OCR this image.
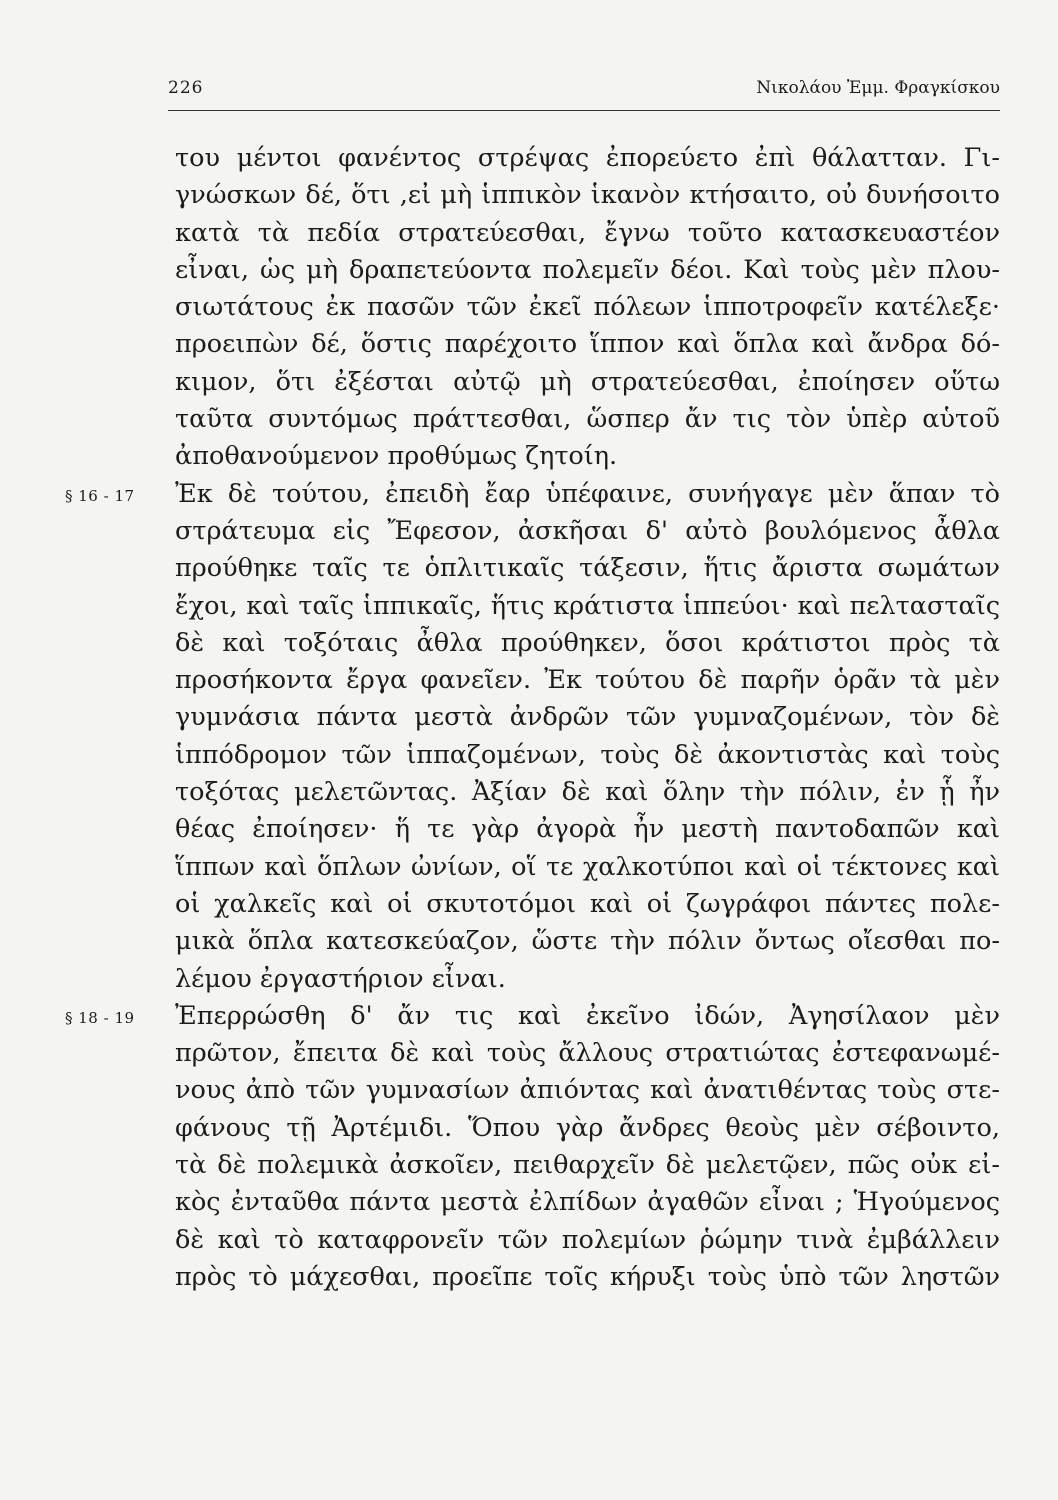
226	Νικολάου Ἐμμ. Φραγκίσκου
του μέντοι φανέντος στρέψας ἐπορεύετο ἐπὶ θάλατταν. Γι-
γνώσκων δέ, ὅτι ,εἰ μὴ ἱππικὸν ἱκανὸν κτήσαιτο, οὐ δυνήσοιτο
κατὰ τὰ πεδία στρατεύεσθαι, ἔγνω τοῦτο κατασκευαστέον
εἶναι, ὡς μὴ δραπετεύοντα πολεμεῖν δέοι. Καὶ τοὺς μὲν πλου-
σιωτάτους ἐκ πασῶν τῶν ἐκεῖ πόλεων ἱπποτροφεῖν κατέλεξε·
προειπὼν δέ, ὅστις παρέχοιτο ἵππον καὶ ὅπλα καὶ ἄνδρα δό-
κιμον, ὅτι ἐξέσται αὐτῷ μὴ στρατεύεσθαι, ἐποίησεν οὕτω
ταῦτα συντόμως πράττεσθαι, ὥσπερ ἄν τις τὸν ὑπὲρ αὑτοῦ
ἀποθανούμενον προθύμως ζητοίη.
§ 16 - 17 Ἐκ δὲ τούτου, ἐπειδὴ ἔαρ ὑπέφαινε, συνήγαγε μὲν ἅπαν τὸ
στράτευμα εἰς Ἔφεσον, ἀσκῆσαι δ' αὐτὸ βουλόμενος ἆθλα
προύθηκε ταῖς τε ὁπλιτικαῖς τάξεσιν, ἥτις ἄριστα σωμάτων
ἔχοι, καὶ ταῖς ἱππικαῖς, ἥτις κράτιστα ἱππεύοι· καὶ πελτασταῖς
δὲ καὶ τοξόταις ἆθλα προύθηκεν, ὅσοι κράτιστοι πρὸς τὰ
προσήκοντα ἔργα φανεῖεν. Ἐκ τούτου δὲ παρῆν ὁρᾶν τὰ μὲν
γυμνάσια πάντα μεστὰ ἀνδρῶν τῶν γυμναζομένων, τὸν δὲ
ἱππόδρομον τῶν ἱππαζομένων, τοὺς δὲ ἀκοντιστὰς καὶ τοὺς
τοξότας μελετῶντας. Ἀξίαν δὲ καὶ ὅλην τὴν πόλιν, ἐν ᾗ ἦν
θέας ἐποίησεν· ἥ τε γὰρ ἀγορὰ ἦν μεστὴ παντοδαπῶν καὶ
ἵππων καὶ ὅπλων ὠνίων, οἵ τε χαλκοτύποι καὶ οἱ τέκτονες καὶ
οἱ χαλκεῖς καὶ οἱ σκυτοτόμοι καὶ οἱ ζωγράφοι πάντες πολε-
μικὰ ὅπλα κατεσκεύαζον, ὥστε τὴν πόλιν ὄντως οἴεσθαι πο-
λέμου ἐργαστήριον εἶναι.
§ 18 - 19 Ἐπερρώσθη δ' ἄν τις καὶ ἐκεῖνο ἰδών, Ἀγησίλαον μὲν
πρῶτον, ἔπειτα δὲ καὶ τοὺς ἄλλους στρατιώτας ἐστεφανωμέ-
νους ἀπὸ τῶν γυμνασίων ἀπιόντας καὶ ἀνατιθέντας τοὺς στε-
φάνους τῇ Ἀρτέμιδι. Ὅπου γὰρ ἄνδρες θεοὺς μὲν σέβοιντο,
τὰ δὲ πολεμικὰ ἀσκοῖεν, πειθαρχεῖν δὲ μελετῷεν, πῶς οὐκ εἰ-
κὸς ἐνταῦθα πάντα μεστὰ ἐλπίδων ἀγαθῶν εἶναι ; Ἡγούμενος
δὲ καὶ τὸ καταφρονεῖν τῶν πολεμίων ῥώμην τινὰ ἐμβάλλειν
πρὸς τὸ μάχεσθαι, προεῖπε τοῖς κήρυξι τοὺς ὑπὸ τῶν ληστῶν
